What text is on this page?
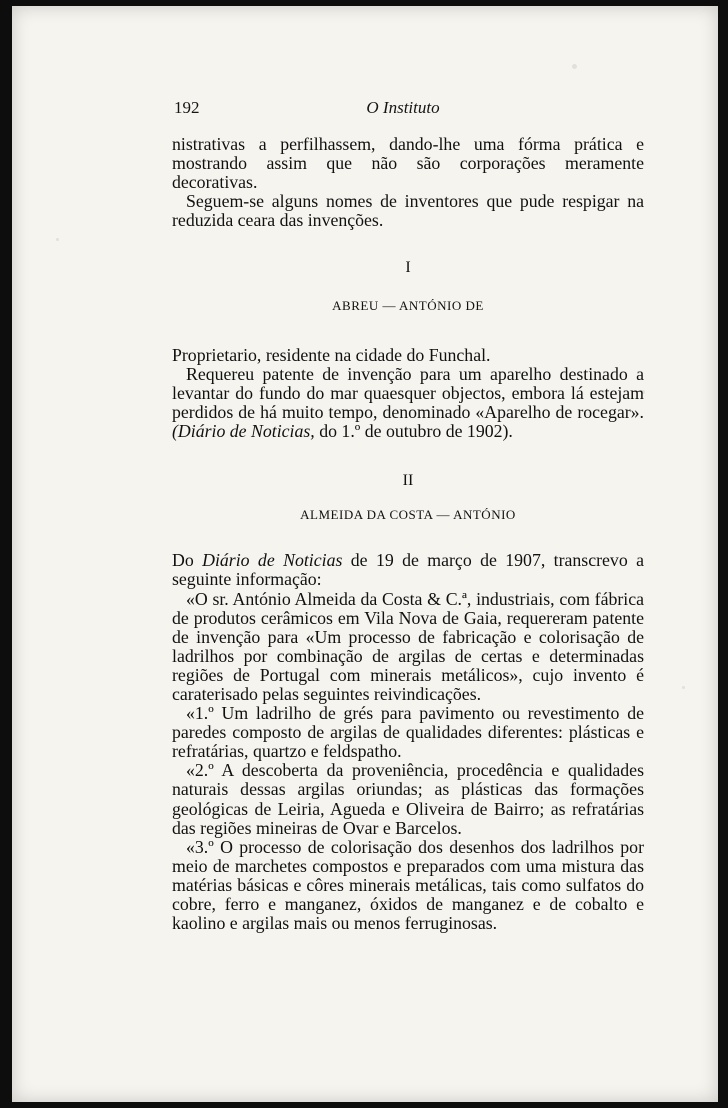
192	O Instituto

nistrativas a perfilhassem, dando-lhe uma fórma prática e mostrando assim que não são corporações meramente decorativas.

Seguem-se alguns nomes de inventores que pude respigar na reduzida ceara das invenções.

I

ABREU — ANTÓNIO DE

Proprietario, residente na cidade do Funchal.

Requereu patente de invenção para um aparelho destinado a levantar do fundo do mar quaesquer objectos, embora lá estejam perdidos de há muito tempo, denominado «Aparelho de rocegar». (Diário de Noticias, do 1.º de outubro de 1902).

II

ALMEIDA DA COSTA — ANTÓNIO

Do Diário de Noticias de 19 de março de 1907, transcrevo a seguinte informação:

«O sr. António Almeida da Costa & C.ª, industriais, com fábrica de produtos cerâmicos em Vila Nova de Gaia, requereram patente de invenção para «Um processo de fabricação e colorisação de ladrilhos por combinação de argilas de certas e determinadas regiões de Portugal com minerais metálicos», cujo invento é caraterisado pelas seguintes reivindicações.

«1.º Um ladrilho de grés para pavimento ou revestimento de paredes composto de argilas de qualidades diferentes: plásticas e refratárias, quartzo e feldspatho.

«2.º A descoberta da proveniência, procedência e qualidades naturais dessas argilas oriundas; as plásticas das formações geológicas de Leiria, Agueda e Oliveira de Bairro; as refratárias das regiões mineiras de Ovar e Barcelos.

«3.º O processo de colorisação dos desenhos dos ladrilhos por meio de marchetes compostos e preparados com uma mistura das matérias básicas e côres minerais metálicas, tais como sulfatos do cobre, ferro e manganez, óxidos de manganez e de cobalto e kaolino e argilas mais ou menos ferruginosas.
